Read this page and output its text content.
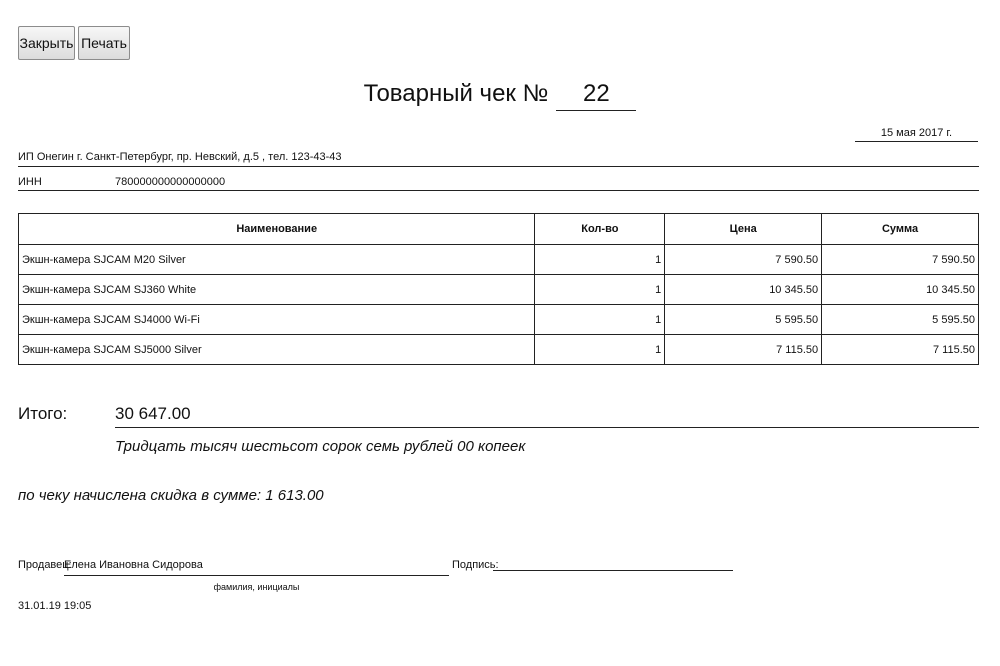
Закрыть Печать
Товарный чек № 22
15 мая 2017 г.
ИП Онегин г. Санкт-Петербург, пр. Невский, д.5 , тел. 123-43-43
ИНН	780000000000000000
Наименование	Кол-во	Цена	Сумма
Экшн-камера SJCAM M20 Silver	1	7 590.50	7 590.50
Экшн-камера SJCAM SJ360 White	1	10 345.50	10 345.50
Экшн-камера SJCAM SJ4000 Wi-Fi	1	5 595.50	5 595.50
Экшн-камера SJCAM SJ5000 Silver	1	7 115.50	7 115.50
Итого:	30 647.00
Тридцать тысяч шестьсот сорок семь рублей 00 копеек
по чеку начислена скидка в сумме: 1 613.00
Продавец:
Елена Ивановна Сидорова
фамилия, инициалы
Подпись:
31.01.19 19:05
